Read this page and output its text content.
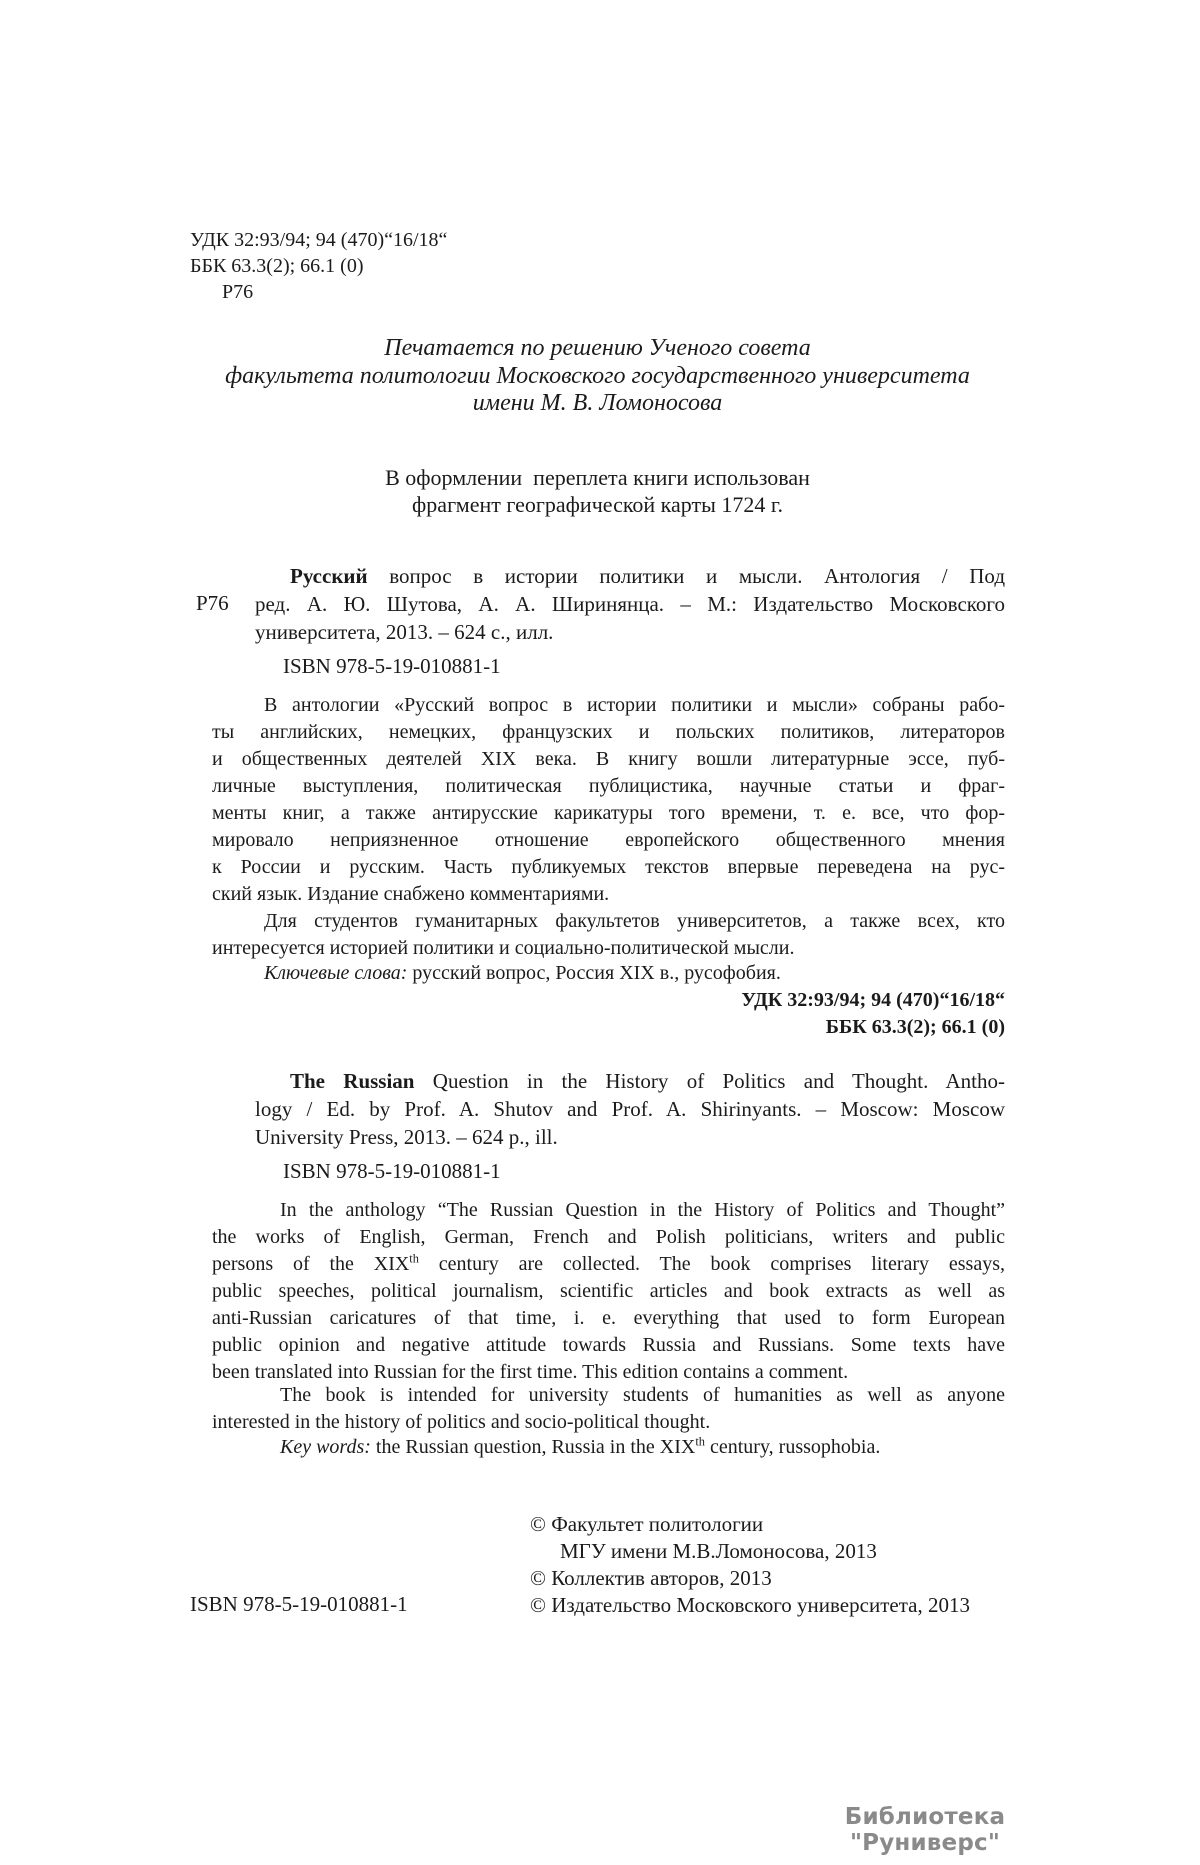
УДК 32:93/94; 94 (470)“16/18“
ББК 63.3(2); 66.1 (0)
Р76
Печатается по решению Ученого совета
факультета политологии Московского государственного университета
имени М. В. Ломоносова
В оформлении  переплета книги использован
фрагмент географической карты 1724 г.
Р76
Русский вопрос в истории политики и мысли. Антология / Под
ред. А. Ю. Шутова, А. А. Ширинянца. – М.: Издательство Московского
университета, 2013. – 624 с., илл.
ISBN 978-5-19-010881-1
В антологии «Русский вопрос в истории политики и мысли» собраны рабо-
ты английских, немецких, французских и польских политиков, литераторов
и общественных деятелей XIX века. В книгу вошли литературные эссе, пуб-
личные выступления, политическая публицистика, научные статьи и фраг-
менты книг, а также антирусские карикатуры того времени, т. е. все, что фор-
мировало неприязненное отношение европейского общественного мнения
к России и русским. Часть публикуемых текстов впервые переведена на рус-
ский язык. Издание снабжено комментариями.
Для студентов гуманитарных факультетов университетов, а также всех, кто
интересуется историей политики и социально-политической мысли.
Ключевые слова: русский вопрос, Россия XIX в., русофобия.
УДК 32:93/94; 94 (470)“16/18“
ББК 63.3(2); 66.1 (0)
The Russian Question in the History of Politics and Thought. Antho-
logy / Ed. by Prof. A. Shutov and Prof. A. Shirinyants. – Moscow: Moscow
University Press, 2013. – 624 p., ill.
ISBN 978-5-19-010881-1
In the anthology “The Russian Question in the History of Politics and Thought”
the works of English, German, French and Polish politicians, writers and public
persons of the XIXth century are collected. The book comprises literary essays,
public speeches, political journalism, scientific articles and book extracts as well as
anti-Russian caricatures of that time, i. e. everything that used to form European
public opinion and negative attitude towards Russia and Russians. Some texts have
been translated into Russian for the first time. This edition contains a comment.
The book is intended for university students of humanities as well as anyone
interested in the history of politics and socio-political thought.
Key words: the Russian question, Russia in the XIXth century, russophobia.
© Факультет политологии
МГУ имени М.В.Ломоносова, 2013
© Коллектив авторов, 2013
© Издательство Московского университета, 2013
ISBN 978-5-19-010881-1
Библиотека "Руниверс"
